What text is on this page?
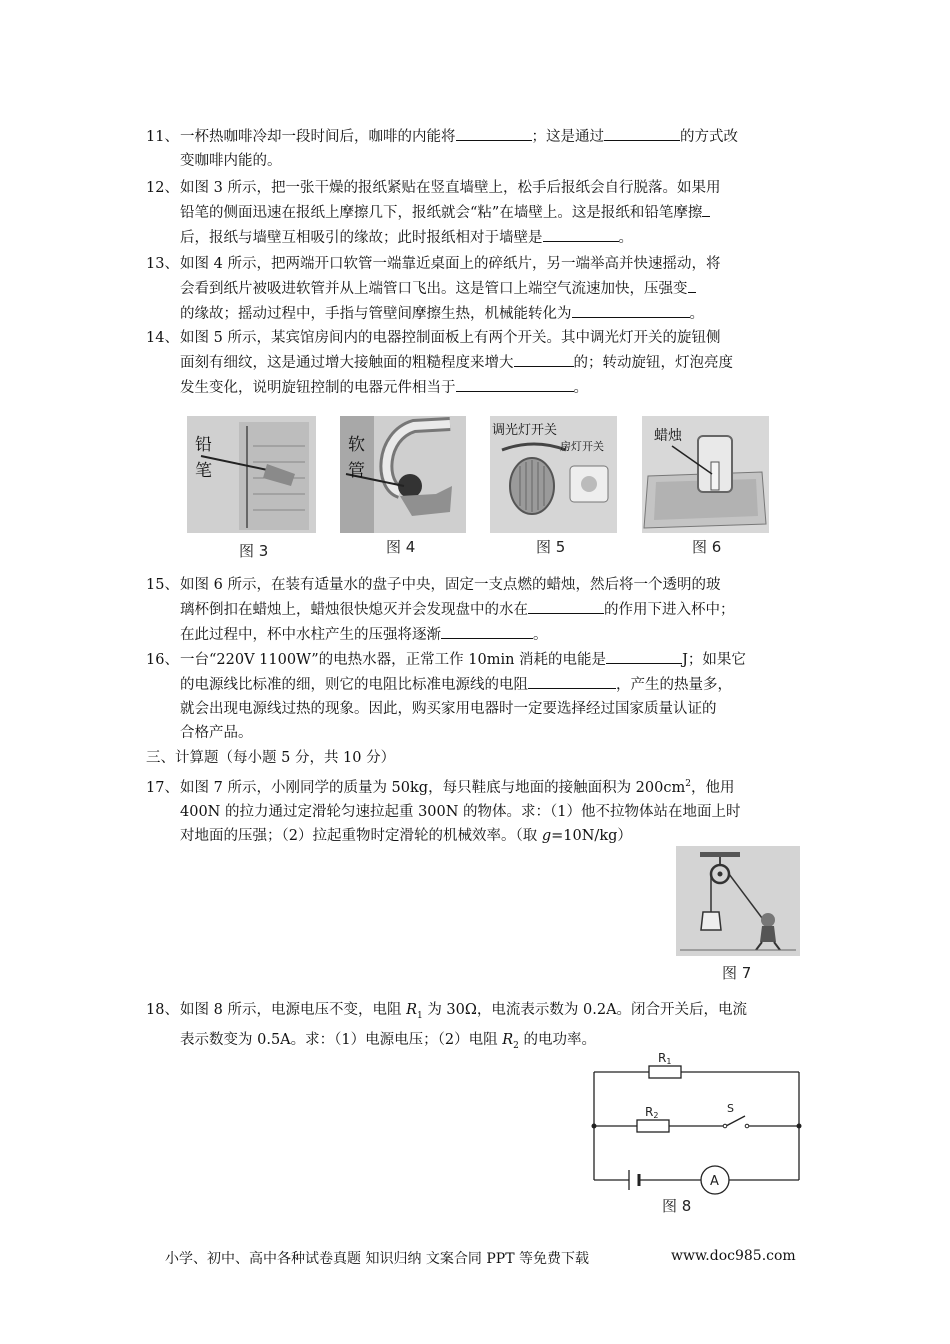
11、一杯热咖啡冷却一段时间后，咖啡的内能将	；这是通过	的方式改
变咖啡内能的。
12、如图 3 所示，把一张干燥的报纸紧贴在竖直墙壁上，松手后报纸会自行脱落。如果用
铅笔的侧面迅速在报纸上摩擦几下，报纸就会“粘”在墙壁上。这是报纸和铅笔摩擦
后，报纸与墙壁互相吸引的缘故；此时报纸相对于墙壁是	。
13、如图 4 所示，把两端开口软管一端靠近桌面上的碎纸片，另一端举高并快速摇动，将
会看到纸片被吸进软管并从上端管口飞出。这是管口上端空气流速加快，压强变
的缘故；摇动过程中，手指与管壁间摩擦生热，机械能转化为	。
14、如图 5 所示，某宾馆房间内的电器控制面板上有两个开关。其中调光灯开关的旋钮侧
面刻有细纹，这是通过增大接触面的粗糙程度来增大	的；转动旋钮，灯泡亮度
发生变化，说明旋钮控制的电器元件相当于	。
铅
笔
图 3
软
管
图 4
调光灯开关
房灯开关
图 5
蜡烛
图 6
15、如图 6 所示，在装有适量水的盘子中央，固定一支点燃的蜡烛，然后将一个透明的玻
璃杯倒扣在蜡烛上，蜡烛很快熄灭并会发现盘中的水在	的作用下进入杯中；
在此过程中，杯中水柱产生的压强将逐渐	。
16、一台“220V 1100W”的电热水器，正常工作 10min 消耗的电能是	J；如果它
的电源线比标准的细，则它的电阻比标准电源线的电阻	，产生的热量多，
就会出现电源线过热的现象。因此，购买家用电器时一定要选择经过国家质量认证的
合格产品。
三、计算题（每小题 5 分，共 10 分）
17、如图 7 所示，小刚同学的质量为 50kg，每只鞋底与地面的接触面积为 $200cm^2$，他用
400N 的拉力通过定滑轮匀速拉起重 300N 的物体。求：（1）他不拉物体站在地面上时
对地面的压强；（2）拉起重物时定滑轮的机械效率。（取 g=10N/kg）
图 7
18、如图 8 所示，电源电压不变，电阻 $R_1$ 为 30Ω，电流表示数为 0.2A。闭合开关后，电流
表示数变为 0.5A。求：（1）电源电压；（2）电阻 $R_2$ 的电功率。
A
R1
R2
S
图 8
小学、初中、高中各种试卷真题 知识归纳 文案合同 PPT 等免费下载	www.doc985.com
